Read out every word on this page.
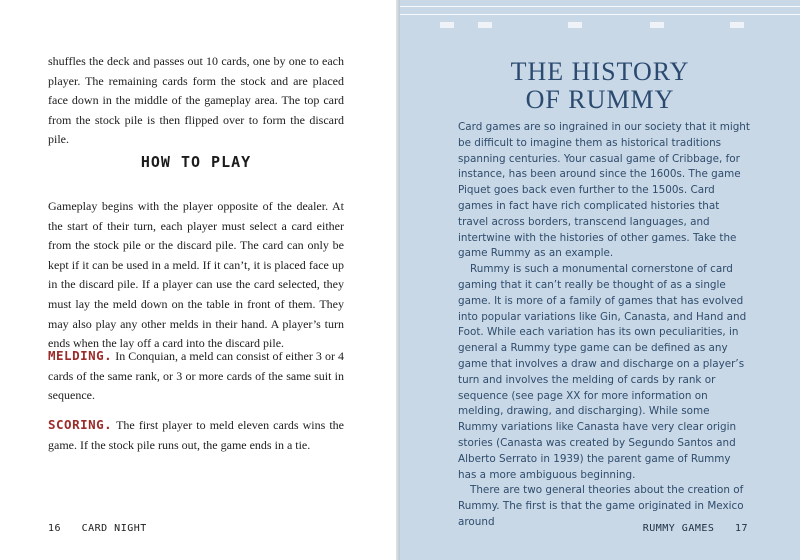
shuffles the deck and passes out 10 cards, one by one to each player. The remaining cards form the stock and are placed face down in the middle of the gameplay area. The top card from the stock pile is then flipped over to form the discard pile.

HOW TO PLAY

Gameplay begins with the player opposite of the dealer. At the start of their turn, each player must select a card either from the stock pile or the discard pile. The card can only be kept if it can be used in a meld. If it can’t, it is placed face up in the discard pile. If a player can use the card selected, they must lay the meld down on the table in front of them. They may also play any other melds in their hand. A player’s turn ends when the lay off a card into the discard pile.

MELDING. In Conquian, a meld can consist of either 3 or 4 cards of the same rank, or 3 or more cards of the same suit in sequence.
SCORING. The first player to meld eleven cards wins the game. If the stock pile runs out, the game ends in a tie.
16 CARD NIGHT
THE HISTORY
OF RUMMY

Card games are so ingrained in our society that it might be difficult to imagine them as historical traditions spanning centuries. Your casual game of Cribbage, for instance, has been around since the 1600s. The game Piquet goes back even further to the 1500s. Card games in fact have rich complicated histories that travel across borders, transcend languages, and intertwine with the histories of other games. Take the game Rummy as an example.

Rummy is such a monumental cornerstone of card gaming that it can’t really be thought of as a single game. It is more of a family of games that has evolved into popular variations like Gin, Canasta, and Hand and Foot. While each variation has its own peculiarities, in general a Rummy type game can be defined as any game that involves a draw and discharge on a player’s turn and involves the melding of cards by rank or sequence (see page XX for more information on melding, drawing, and discharging). While some Rummy variations like Canasta have very clear origin stories (Canasta was created by Segundo Santos and Alberto Serrato in 1939) the parent game of Rummy has a more ambiguous beginning.

There are two general theories about the creation of Rummy. The first is that the game originated in Mexico around

RUMMY GAMES 17
